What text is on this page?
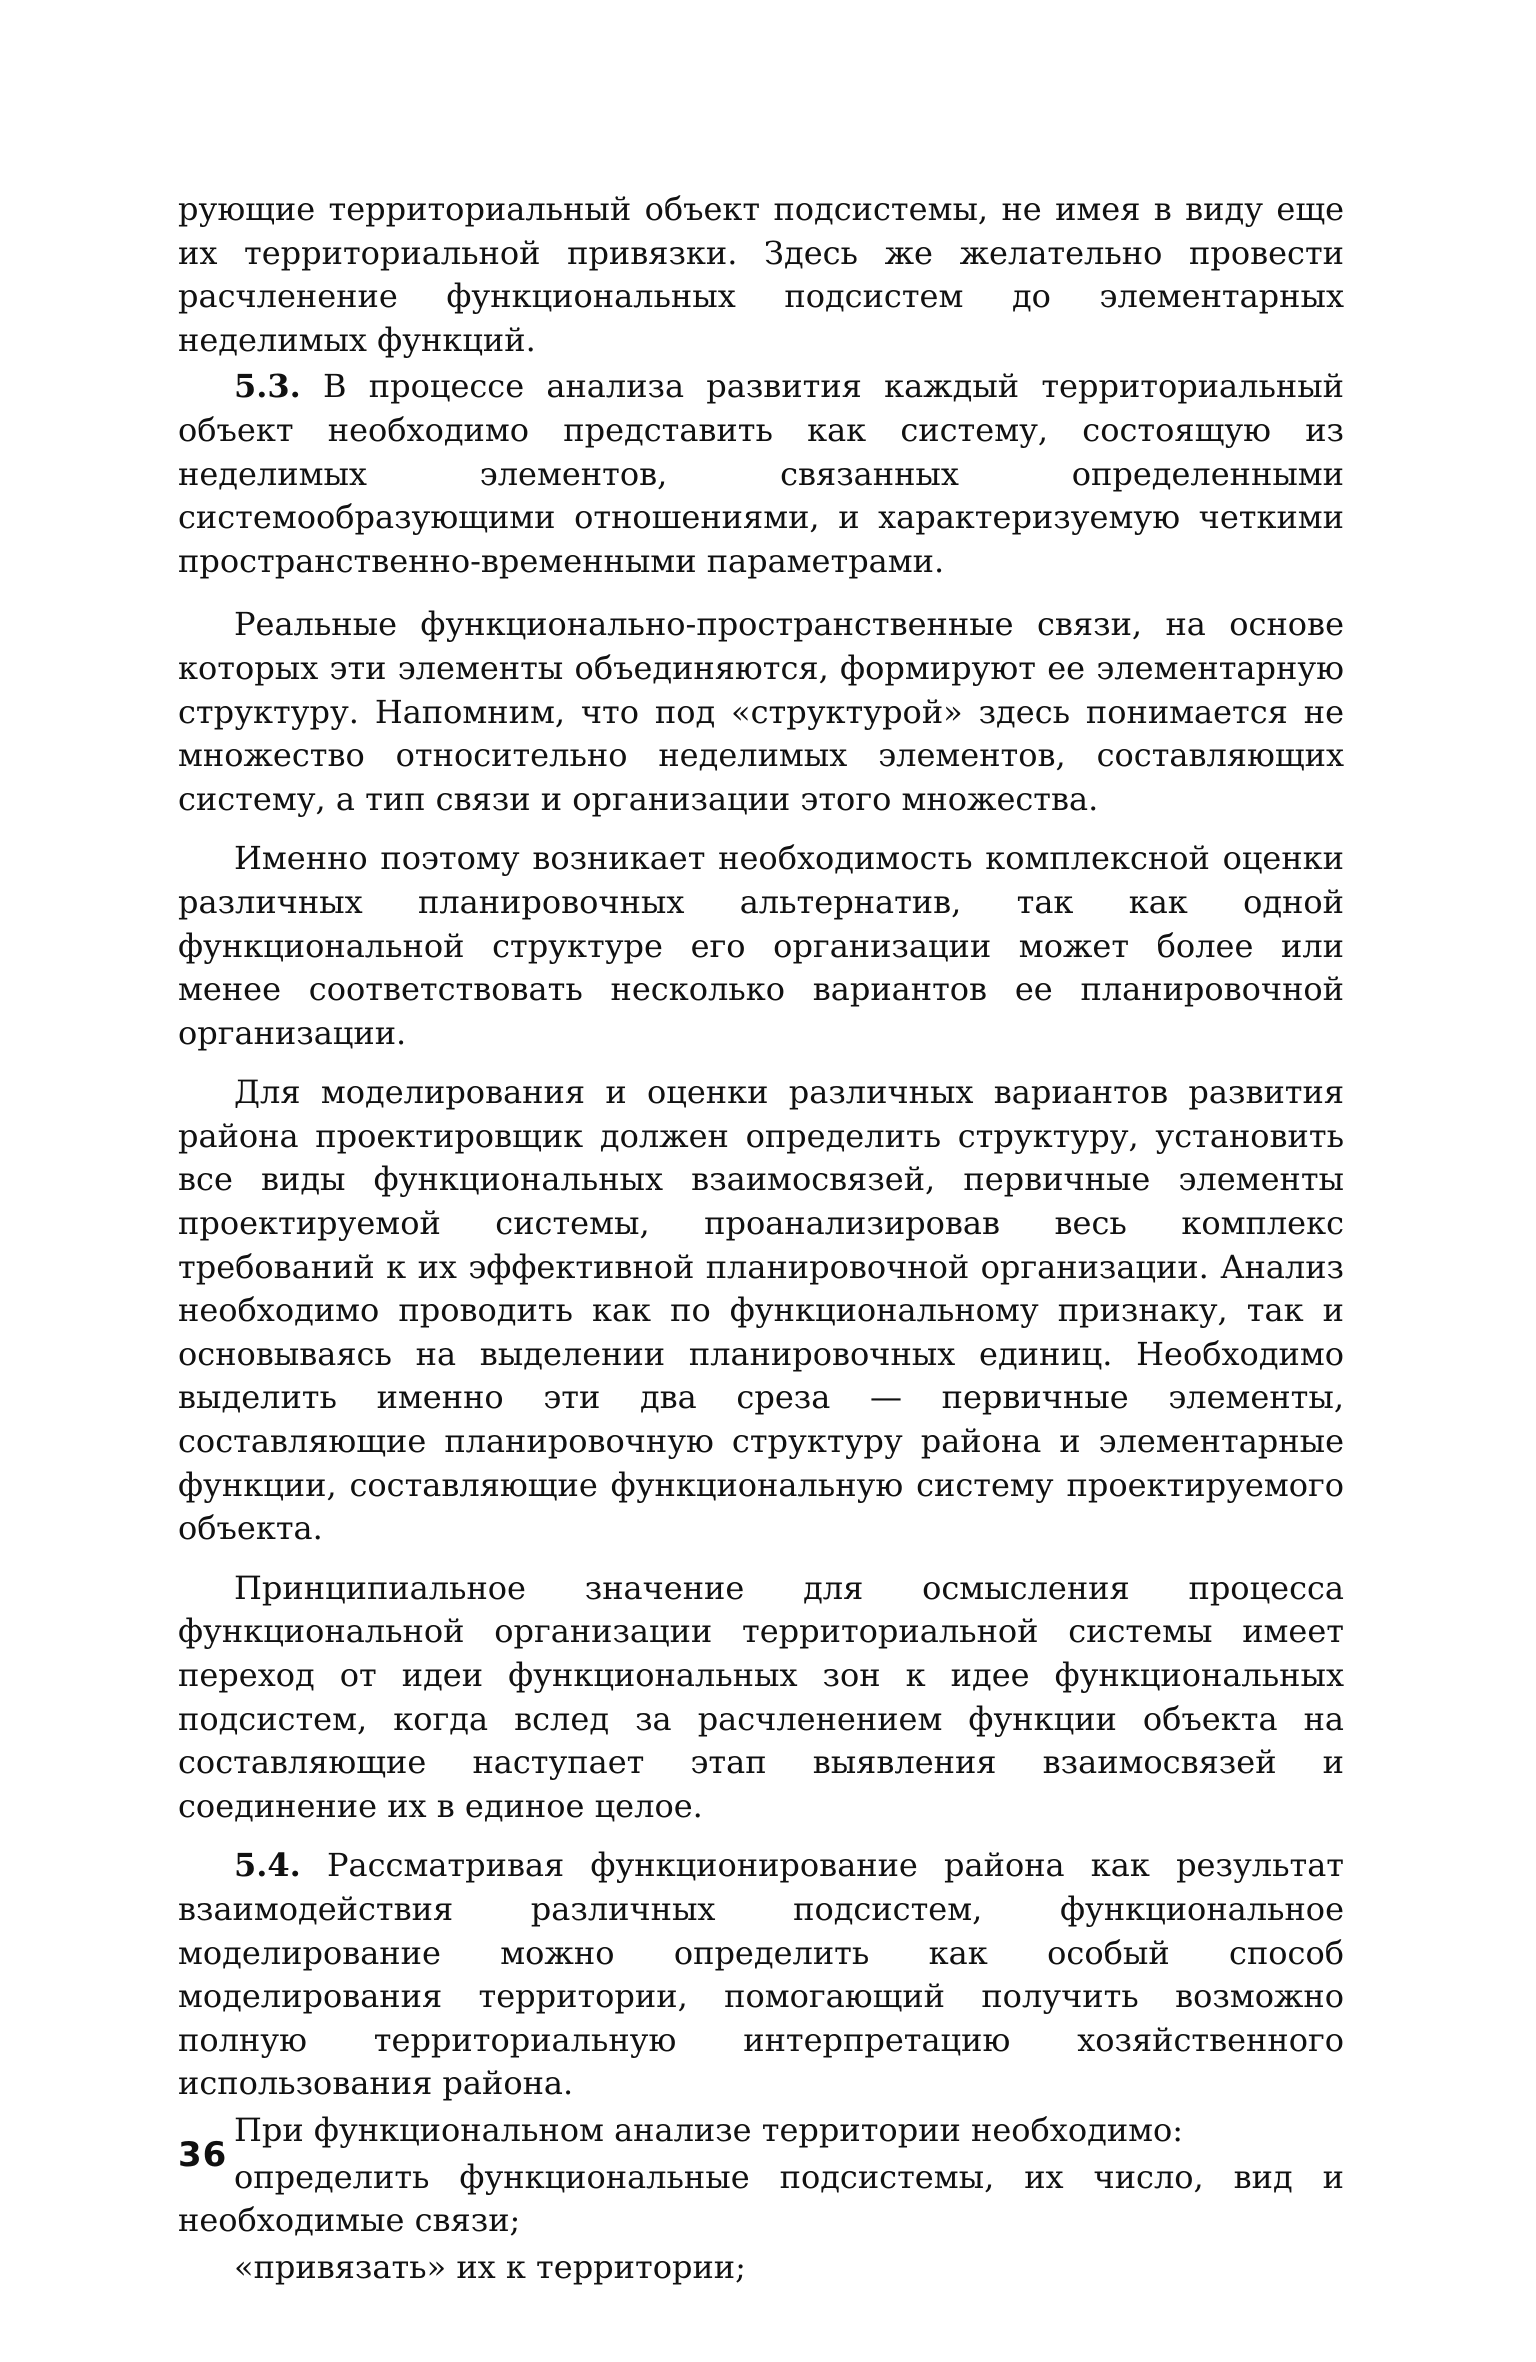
рующие территориальный объект подсистемы, не имея в виду еще их территориальной привязки. Здесь же желательно провести расчленение функциональных подсистем до элементарных неделимых функций.

5.3. В процессе анализа развития каждый территориальный объект необходимо представить как систему, состоящую из неделимых элементов, связанных определенными системообразующими отношениями, и характеризуемую четкими пространственно-временными параметрами.

Реальные функционально-пространственные связи, на основе которых эти элементы объединяются, формируют ее элементарную структуру. Напомним, что под «структурой» здесь понимается не множество относительно неделимых элементов, составляющих систему, а тип связи и организации этого множества.

Именно поэтому возникает необходимость комплексной оценки различных планировочных альтернатив, так как одной функциональной структуре его организации может более или менее соответствовать несколько вариантов ее планировочной организации.

Для моделирования и оценки различных вариантов развития района проектировщик должен определить структуру, установить все виды функциональных взаимосвязей, первичные элементы проектируемой системы, проанализировав весь комплекс требований к их эффективной планировочной организации. Анализ необходимо проводить как по функциональному признаку, так и основываясь на выделении планировочных единиц. Необходимо выделить именно эти два среза — первичные элементы, составляющие планировочную структуру района и элементарные функции, составляющие функциональную систему проектируемого объекта.

Принципиальное значение для осмысления процесса функциональной организации территориальной системы имеет переход от идеи функциональных зон к идее функциональных подсистем, когда вслед за расчленением функции объекта на составляющие наступает этап выявления взаимосвязей и соединение их в единое целое.

5.4. Рассматривая функционирование района как результат взаимодействия различных подсистем, функциональное моделирование можно определить как особый способ моделирования территории, помогающий получить возможно полную территориальную интерпретацию хозяйственного использования района.

При функциональном анализе территории необходимо:

определить функциональные подсистемы, их число, вид и необходимые связи;

«привязать» их к территории;

36
